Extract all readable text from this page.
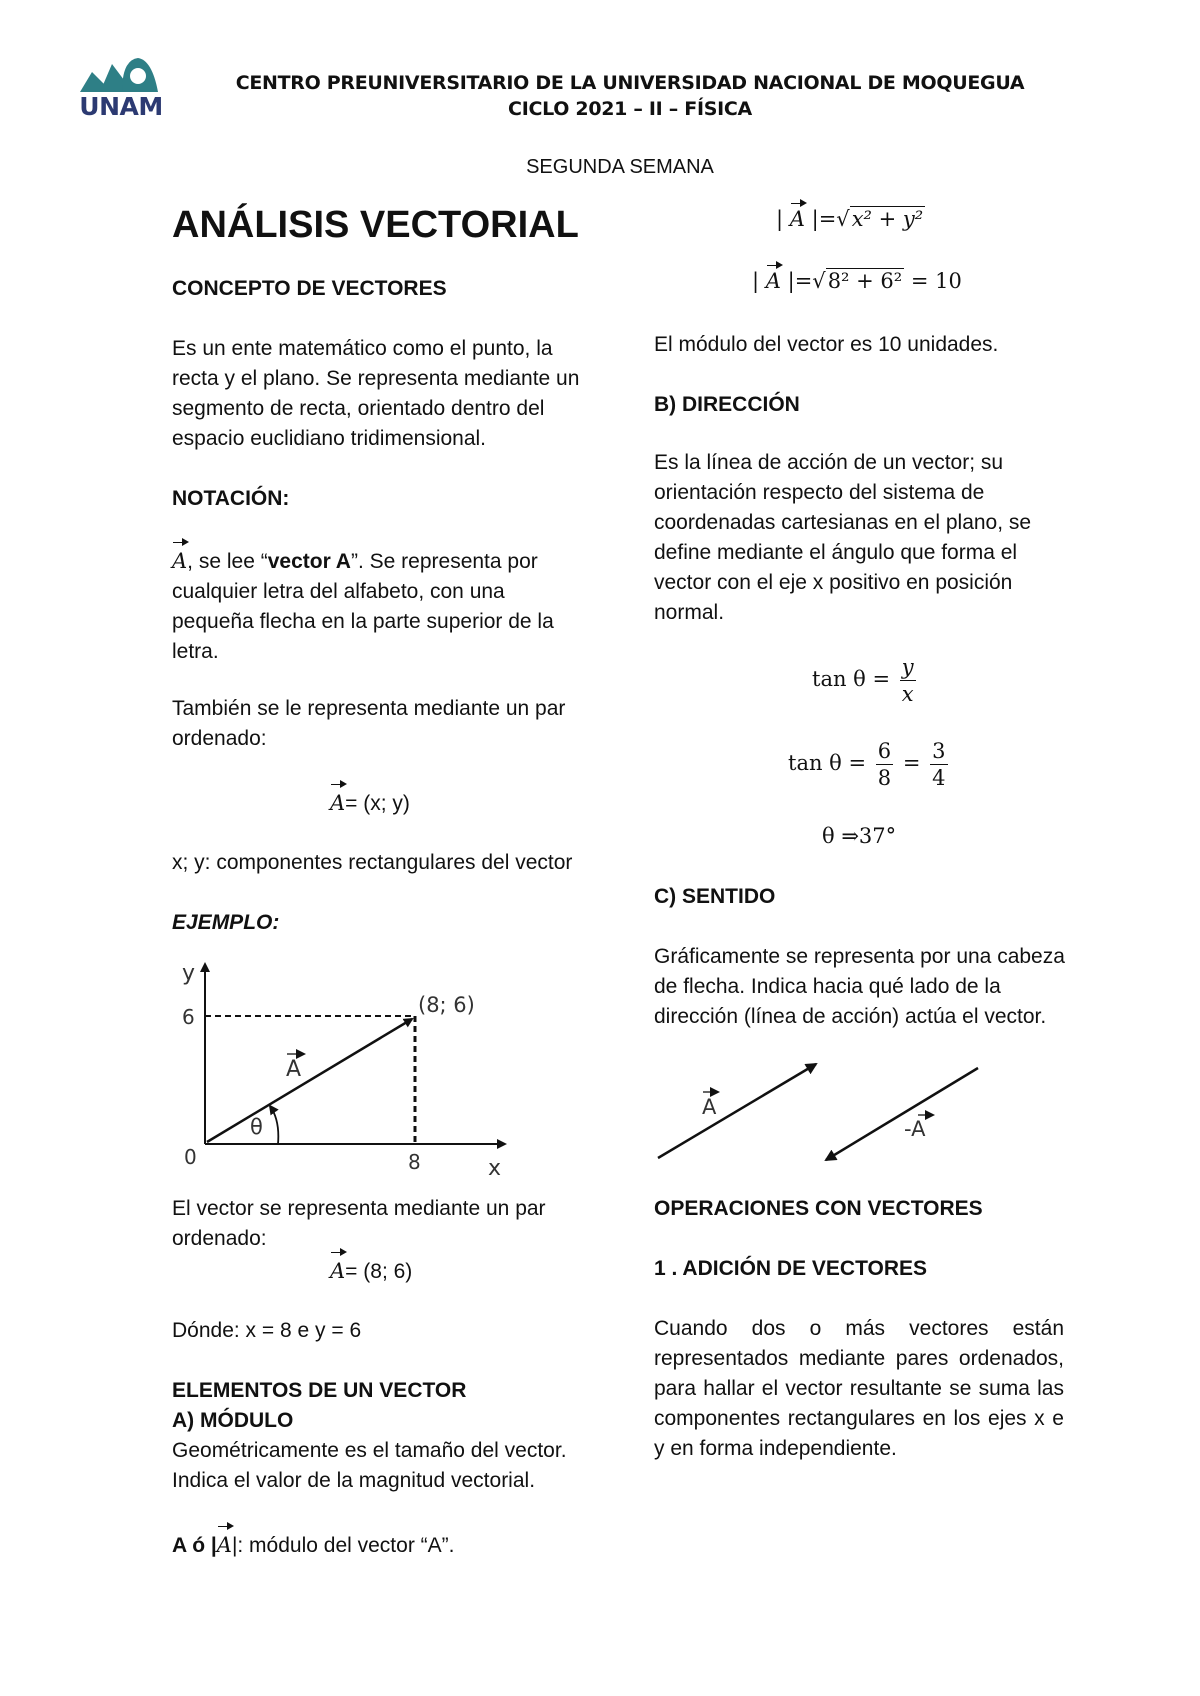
UNAM
CENTRO PREUNIVERSITARIO DE LA UNIVERSIDAD NACIONAL DE MOQUEGUA
CICLO 2021 – II – FÍSICA
SEGUNDA SEMANA
ANÁLISIS VECTORIAL
CONCEPTO DE VECTORES
Es un ente matemático como el punto, la recta y el plano. Se representa mediante un segmento de recta, orientado dentro del espacio euclidiano tridimensional.
NOTACIÓN:
A, se lee “vector A”. Se representa por cualquier letra del alfabeto, con una pequeña flecha en la parte superior de la letra.
También se le representa mediante un par ordenado:
A= (x; y)
x; y: componentes rectangulares del vector
EJEMPLO:
y
x
0
6
8
(8; 6)
A
θ
El vector se representa mediante un par ordenado:
A= (8; 6)
Dónde: x = 8 e y = 6
ELEMENTOS DE UN VECTOR
A) MÓDULO
Geométricamente es el tamaño del vector. Indica el valor de la magnitud vectorial.
A ó |A|: módulo del vector “A”.
| A |=√x² + y²
| A |=√8² + 6² = 10
El módulo del vector es 10 unidades.
B) DIRECCIÓN
Es la línea de acción de un vector; su orientación respecto del sistema de coordenadas cartesianas en el plano, se define mediante el ángulo que forma el vector con el eje x positivo en posición normal.
$\tan \theta = \frac{y}{x}$
$\tan \theta = \frac{6}{8} = \frac{3}{4}$
θ ⇒37°
C) SENTIDO
Gráficamente se representa por una cabeza de flecha. Indica hacia qué lado de la dirección (línea de acción) actúa el vector.
A
-A
OPERACIONES CON VECTORES
1 . ADICIÓN DE VECTORES
Cuando dos o más vectores están representados mediante pares ordenados, para hallar el vector resultante se suma las componentes rectangulares en los ejes x e y en forma independiente.
